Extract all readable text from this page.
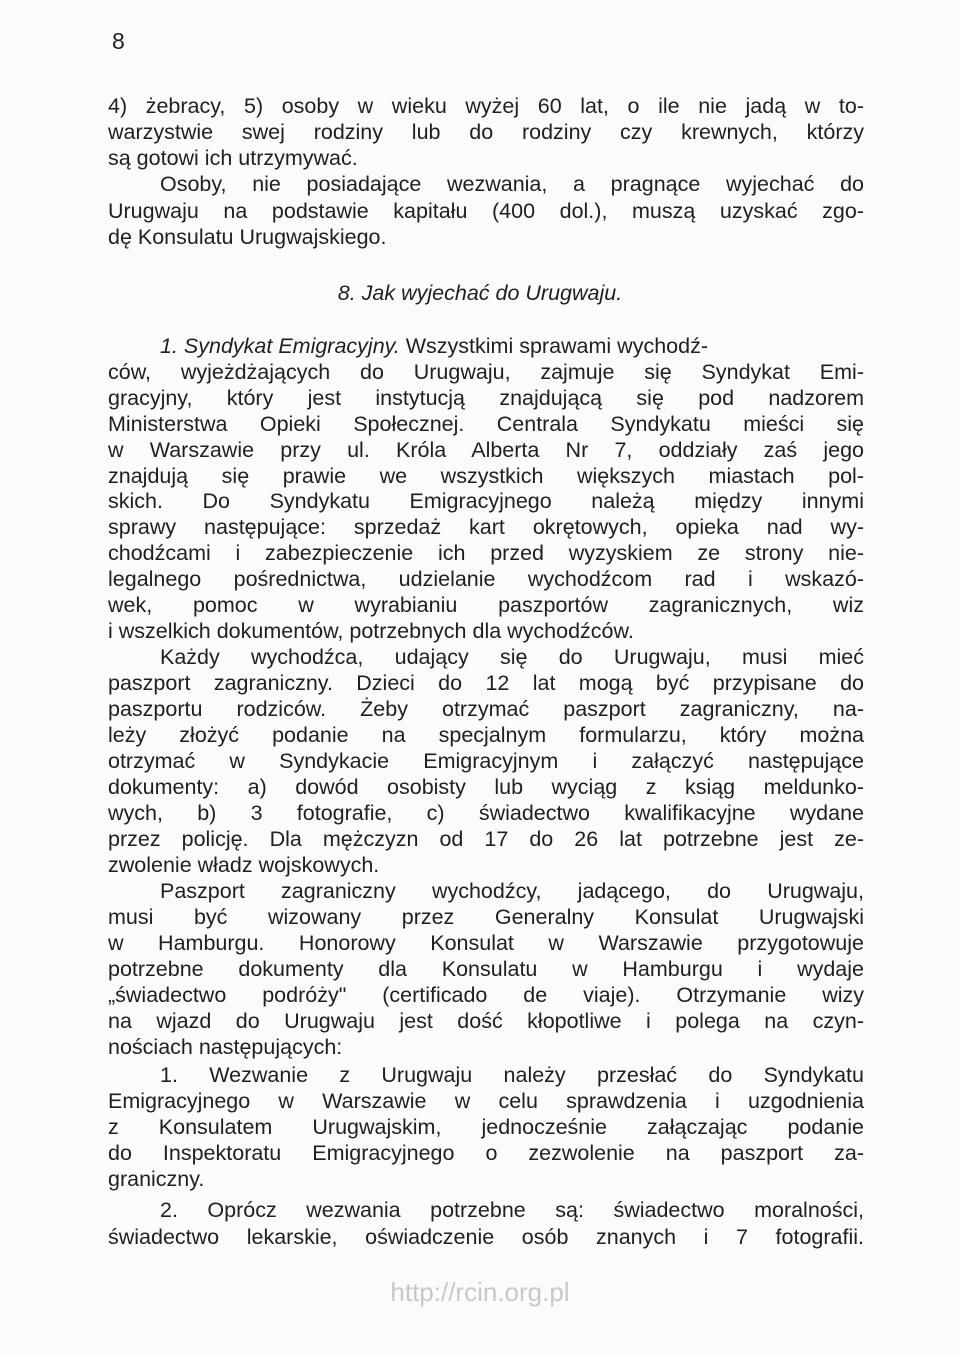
8
4) żebracy, 5) osoby w wieku wyżej 60 lat, o ile nie jadą w to-
warzystwie swej rodziny lub do rodziny czy krewnych, którzy
są gotowi ich utrzymywać.
Osoby, nie posiadające wezwania, a pragnące wyjechać do
Urugwaju na podstawie kapitału (400 dol.), muszą uzyskać zgo-
dę Konsulatu Urugwajskiego.
8. Jak wyjechać do Urugwaju.
1. Syndykat Emigracyjny. Wszystkimi sprawami wychodź-
ców, wyjeżdżających do Urugwaju, zajmuje się Syndykat Emi-
gracyjny, który jest instytucją znajdującą się pod nadzorem
Ministerstwa Opieki Społecznej. Centrala Syndykatu mieści się
w Warszawie przy ul. Króla Alberta Nr 7, oddziały zaś jego
znajdują się prawie we wszystkich większych miastach pol-
skich. Do Syndykatu Emigracyjnego należą między innymi
sprawy następujące: sprzedaż kart okrętowych, opieka nad wy-
chodźcami i zabezpieczenie ich przed wyzyskiem ze strony nie-
legalnego pośrednictwa, udzielanie wychodźcom rad i wskazó-
wek, pomoc w wyrabianiu paszportów zagranicznych, wiz
i wszelkich dokumentów, potrzebnych dla wychodźców.
Każdy wychodźca, udający się do Urugwaju, musi mieć
paszport zagraniczny. Dzieci do 12 lat mogą być przypisane do
paszportu rodziców. Żeby otrzymać paszport zagraniczny, na-
leży złożyć podanie na specjalnym formularzu, który można
otrzymać w Syndykacie Emigracyjnym i załączyć następujące
dokumenty: a) dowód osobisty lub wyciąg z ksiąg meldunko-
wych, b) 3 fotografie, c) świadectwo kwalifikacyjne wydane
przez policję. Dla mężczyzn od 17 do 26 lat potrzebne jest ze-
zwolenie władz wojskowych.
Paszport zagraniczny wychodźcy, jadącego, do Urugwaju,
musi być wizowany przez Generalny Konsulat Urugwajski
w Hamburgu. Honorowy Konsulat w Warszawie przygotowuje
potrzebne dokumenty dla Konsulatu w Hamburgu i wydaje
„świadectwo podróży" (certificado de viaje). Otrzymanie wizy
na wjazd do Urugwaju jest dość kłopotliwe i polega na czyn-
nościach następujących:
1. Wezwanie z Urugwaju należy przesłać do Syndykatu
Emigracyjnego w Warszawie w celu sprawdzenia i uzgodnienia
z Konsulatem Urugwajskim, jednocześnie załączając podanie
do Inspektoratu Emigracyjnego o zezwolenie na paszport za-
graniczny.
2. Oprócz wezwania potrzebne są: świadectwo moralności,
świadectwo lekarskie, oświadczenie osób znanych i 7 fotografii.
http://rcin.org.pl
